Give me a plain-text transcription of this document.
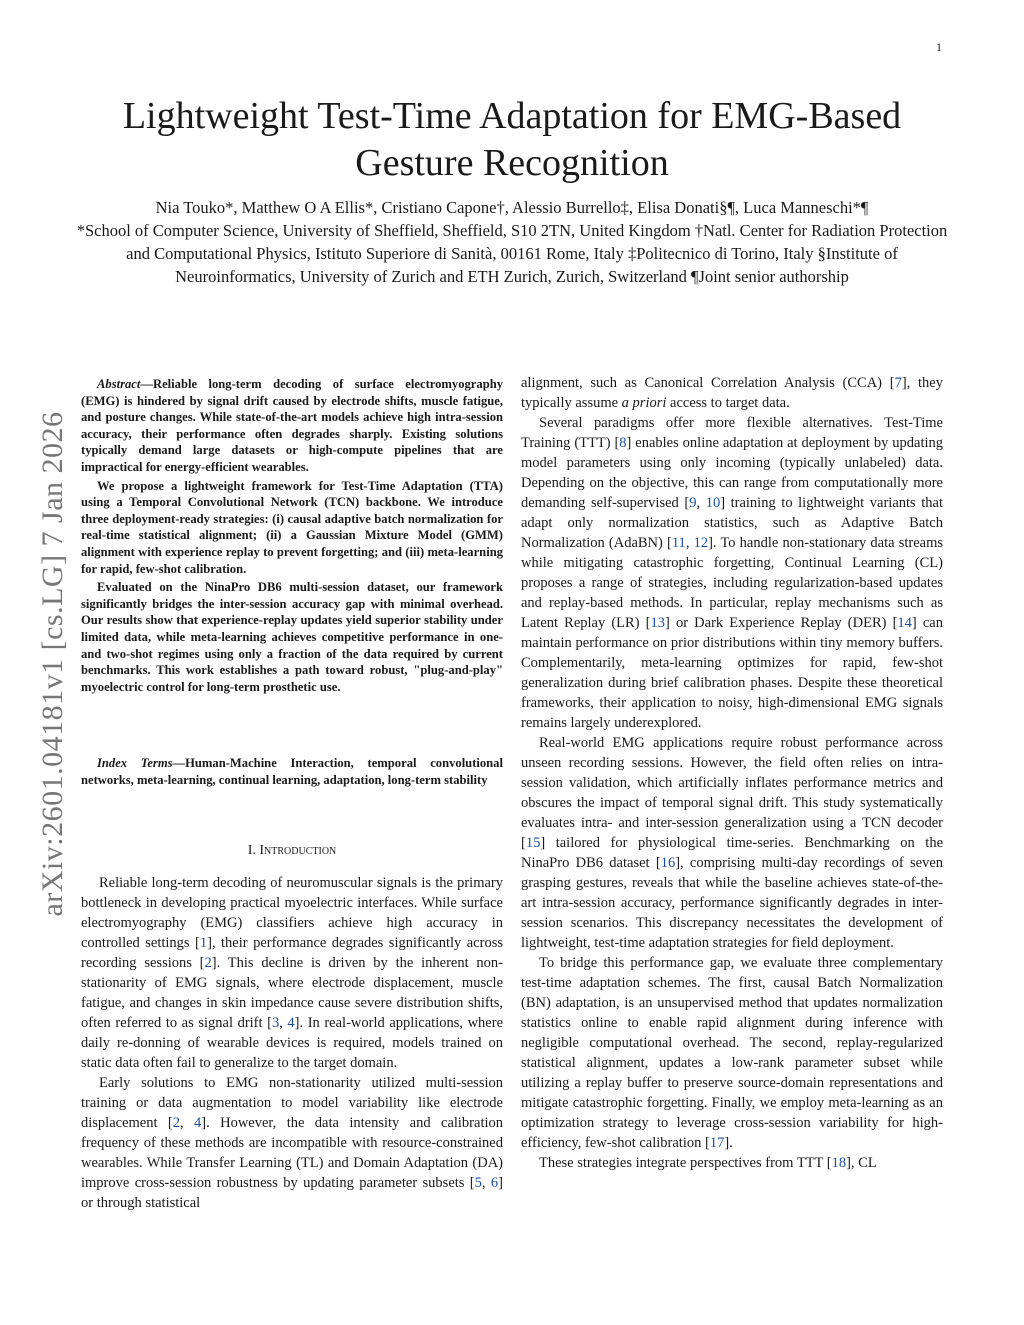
1
arXiv:2601.04181v1 [cs.LG] 7 Jan 2026
Lightweight Test-Time Adaptation for EMG-Based Gesture Recognition
Nia Touko*, Matthew O A Ellis*, Cristiano Capone†, Alessio Burrello‡, Elisa Donati§¶, Luca Manneschi*¶
*School of Computer Science, University of Sheffield, Sheffield, S10 2TN, United Kingdom †Natl. Center for Radiation Protection and Computational Physics, Istituto Superiore di Sanità, 00161 Rome, Italy ‡Politecnico di Torino, Italy §Institute of Neuroinformatics, University of Zurich and ETH Zurich, Zurich, Switzerland ¶Joint senior authorship

Abstract—Reliable long-term decoding of surface electromyography (EMG) is hindered by signal drift caused by electrode shifts, muscle fatigue, and posture changes. While state-of-the-art models achieve high intra-session accuracy, their performance often degrades sharply. Existing solutions typically demand large datasets or high-compute pipelines that are impractical for energy-efficient wearables.

We propose a lightweight framework for Test-Time Adaptation (TTA) using a Temporal Convolutional Network (TCN) backbone. We introduce three deployment-ready strategies: (i) causal adaptive batch normalization for real-time statistical alignment; (ii) a Gaussian Mixture Model (GMM) alignment with experience replay to prevent forgetting; and (iii) meta-learning for rapid, few-shot calibration.

Evaluated on the NinaPro DB6 multi-session dataset, our framework significantly bridges the inter-session accuracy gap with minimal overhead. Our results show that experience-replay updates yield superior stability under limited data, while meta-learning achieves competitive performance in one- and two-shot regimes using only a fraction of the data required by current benchmarks. This work establishes a path toward robust, "plug-and-play" myoelectric control for long-term prosthetic use.

Index Terms—Human-Machine Interaction, temporal convolutional networks, meta-learning, continual learning, adaptation, long-term stability

I. Introduction

Reliable long-term decoding of neuromuscular signals is the primary bottleneck in developing practical myoelectric interfaces. While surface electromyography (EMG) classifiers achieve high accuracy in controlled settings [1], their performance degrades significantly across recording sessions [2]. This decline is driven by the inherent non-stationarity of EMG signals, where electrode displacement, muscle fatigue, and changes in skin impedance cause severe distribution shifts, often referred to as signal drift [3, 4]. In real-world applications, where daily re-donning of wearable devices is required, models trained on static data often fail to generalize to the target domain.

Early solutions to EMG non-stationarity utilized multi-session training or data augmentation to model variability like electrode displacement [2, 4]. However, the data intensity and calibration frequency of these methods are incompatible with resource-constrained wearables. While Transfer Learning (TL) and Domain Adaptation (DA) improve cross-session robustness by updating parameter subsets [5, 6] or through statistical

alignment, such as Canonical Correlation Analysis (CCA) [7], they typically assume a priori access to target data.

Several paradigms offer more flexible alternatives. Test-Time Training (TTT) [8] enables online adaptation at deployment by updating model parameters using only incoming (typically unlabeled) data. Depending on the objective, this can range from computationally more demanding self-supervised [9, 10] training to lightweight variants that adapt only normalization statistics, such as Adaptive Batch Normalization (AdaBN) [11, 12]. To handle non-stationary data streams while mitigating catastrophic forgetting, Continual Learning (CL) proposes a range of strategies, including regularization-based updates and replay-based methods. In particular, replay mechanisms such as Latent Replay (LR) [13] or Dark Experience Replay (DER) [14] can maintain performance on prior distributions within tiny memory buffers. Complementarily, meta-learning optimizes for rapid, few-shot generalization during brief calibration phases. Despite these theoretical frameworks, their application to noisy, high-dimensional EMG signals remains largely underexplored.

Real-world EMG applications require robust performance across unseen recording sessions. However, the field often relies on intra-session validation, which artificially inflates performance metrics and obscures the impact of temporal signal drift. This study systematically evaluates intra- and inter-session generalization using a TCN decoder [15] tailored for physiological time-series. Benchmarking on the NinaPro DB6 dataset [16], comprising multi-day recordings of seven grasping gestures, reveals that while the baseline achieves state-of-the-art intra-session accuracy, performance significantly degrades in inter-session scenarios. This discrepancy necessitates the development of lightweight, test-time adaptation strategies for field deployment.

To bridge this performance gap, we evaluate three complementary test-time adaptation schemes. The first, causal Batch Normalization (BN) adaptation, is an unsupervised method that updates normalization statistics online to enable rapid alignment during inference with negligible computational overhead. The second, replay-regularized statistical alignment, updates a low-rank parameter subset while utilizing a replay buffer to preserve source-domain representations and mitigate catastrophic forgetting. Finally, we employ meta-learning as an optimization strategy to leverage cross-session variability for high-efficiency, few-shot calibration [17].

These strategies integrate perspectives from TTT [18], CL
